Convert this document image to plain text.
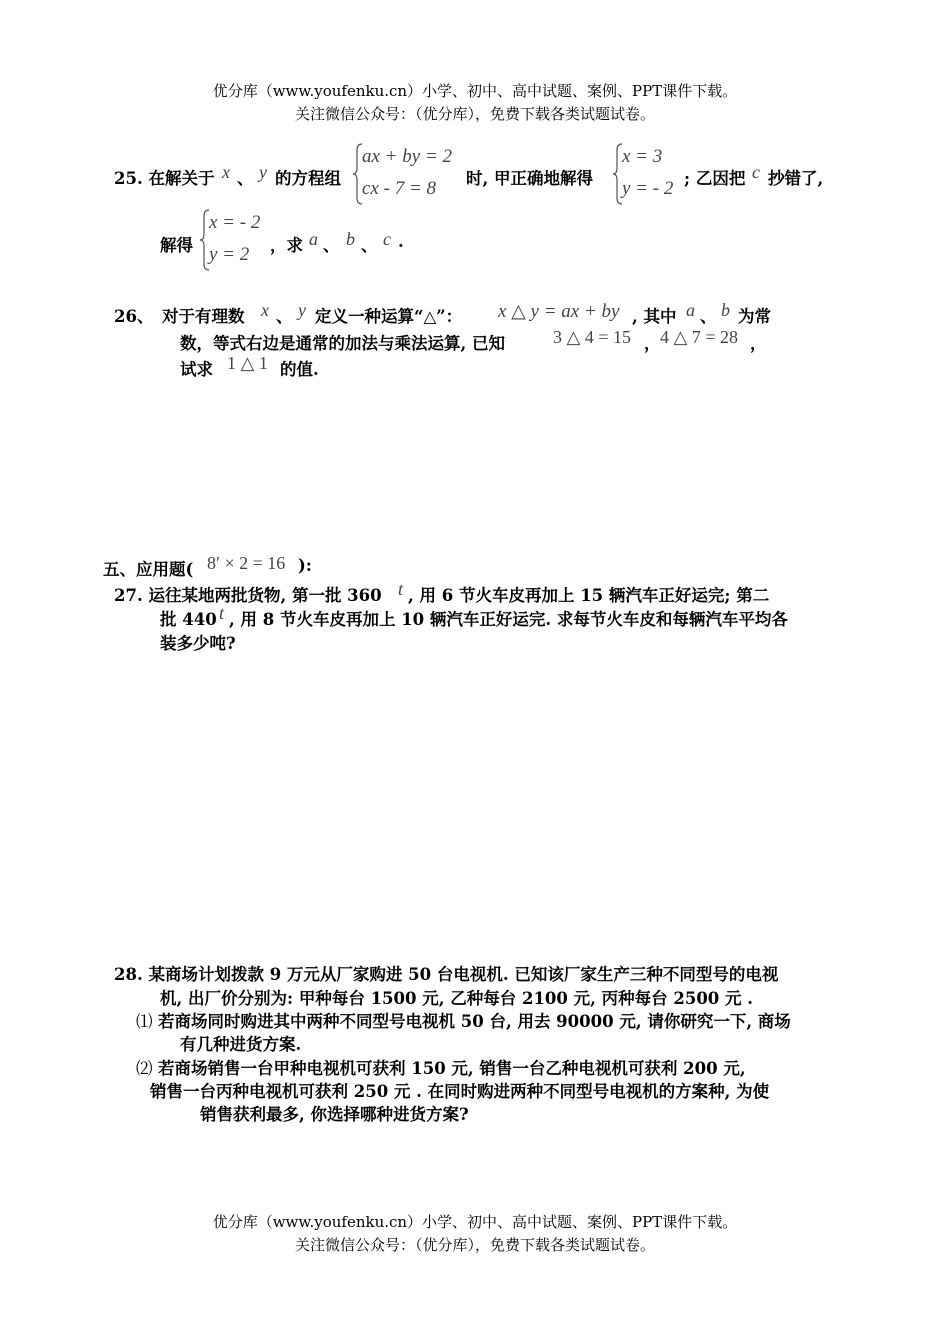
优分库（www.youfenku.cn）小学、初中、高中试题、案例、PPT课件下载。
关注微信公众号：（优分库），免费下载各类试题试卷。
25. 在解关于 x 、 y 的方程组
ax + by = 2
cx - 7 = 8 时, 甲正确地解得
x = 3
y = - 2 ; 乙因把 c 抄错了,
解得
x = - 2
y = 2 ，求 a 、 b 、 c .
26、 对于有理数 x 、 y 定义一种运算“△”： x △ y = ax + by , 其中 a 、 b 为常
数，等式右边是通常的加法与乘法运算, 已知	3 △ 4 = 15 ， 4 △ 7 = 28 ，
试求 1 △ 1 的值.
五、应用题( 8′ × 2 = 16 ):
27. 运往某地两批货物, 第一批 360 t , 用 6 节火车皮再加上 15 辆汽车正好运完; 第二
批 440 t , 用 8 节火车皮再加上 10 辆汽车正好运完. 求每节火车皮和每辆汽车平均各
装多少吨?
28. 某商场计划拨款 9 万元从厂家购进 50 台电视机. 已知该厂家生产三种不同型号的电视
机, 出厂价分别为: 甲种每台 1500 元, 乙种每台 2100 元, 丙种每台 2500 元 .
⑴ 若商场同时购进其中两种不同型号电视机 50 台, 用去 90000 元, 请你研究一下, 商场
有几种进货方案.
⑵ 若商场销售一台甲种电视机可获利 150 元, 销售一台乙种电视机可获利 200 元,
销售一台丙种电视机可获利 250 元 . 在同时购进两种不同型号电视机的方案种, 为使
销售获利最多, 你选择哪种进货方案?
优分库（www.youfenku.cn）小学、初中、高中试题、案例、PPT课件下载。
关注微信公众号：（优分库），免费下载各类试题试卷。
